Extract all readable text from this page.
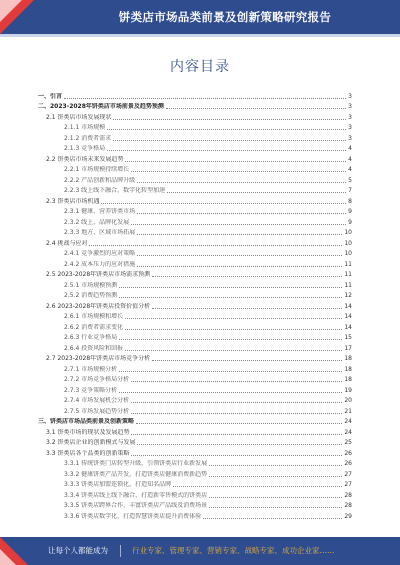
饼类店市场品类前景及创新策略研究报告
内容目录
一、引言	3
二、2023-2028年饼类店市场前景及趋势预测	3
2.1 饼类店市场发展现状	3
2.1.1 市场规模	3
2.1.2 消费者需求	3
2.1.3 竞争格局	4
2.2 饼类店市场未来发展趋势	4
2.2.1 市场规模持续增长	4
2.2.2 产品创新和品牌升级	5
2.2.3 线上线下融合，数字化转型加速	7
2.3 饼类店市场机遇	8
2.3.1 健康、营养饼类市场	9
2.3.2 线上、品牌化发展	9
2.3.3 地方、区域市场拓展	10
2.4 挑战与应对	10
2.4.1 竞争激烈的应对策略	10
2.4.2 成本压力的应对措施	11
2.5 2023-2028年饼类店市场需求预测	11
2.5.1 市场规模预测	11
2.5.2 消费趋势预测	12
2.6 2023-2028年饼类店投资价值分析	14
2.6.1 市场规模和增长	14
2.6.2 消费者需求变化	14
2.6.3 行业竞争格局	15
2.6.4 投资风险和回报	17
2.7 2023-2028年饼类店市场竞争分析	18
2.7.1 市场规模分析	18
2.7.2 市场竞争格局分析	18
2.7.3 竞争策略分析	19
2.7.4 市场发展机会分析	20
2.7.5 市场发展趋势分析	21
三、饼类店市场品类前景及创新策略	24
3.1 饼类市场的现状及发展趋势	24
3.2 饼类店企业的创新模式与发展	25
3.3 饼类店各个品类的创新策略	26
3.3.1 传统饼类门店转型升级，引领饼类店行业新发展	26
3.3.2 健康饼类产品开发，打造饼类店健康消费新趋势	27
3.3.3 饼类店加盟连锁化，打造知名品牌	27
3.3.4 饼类店线上线下融合，打造新零售模式的饼类店	28
3.3.5 饼类店跨界合作，丰富饼类店产品线及消费场景	28
3.3.6 饼类店数字化，打造智慧饼类店提升消费体验	29
让每个人都能成为	行业专家、管理专家、营销专家、战略专家、成功企业家……
